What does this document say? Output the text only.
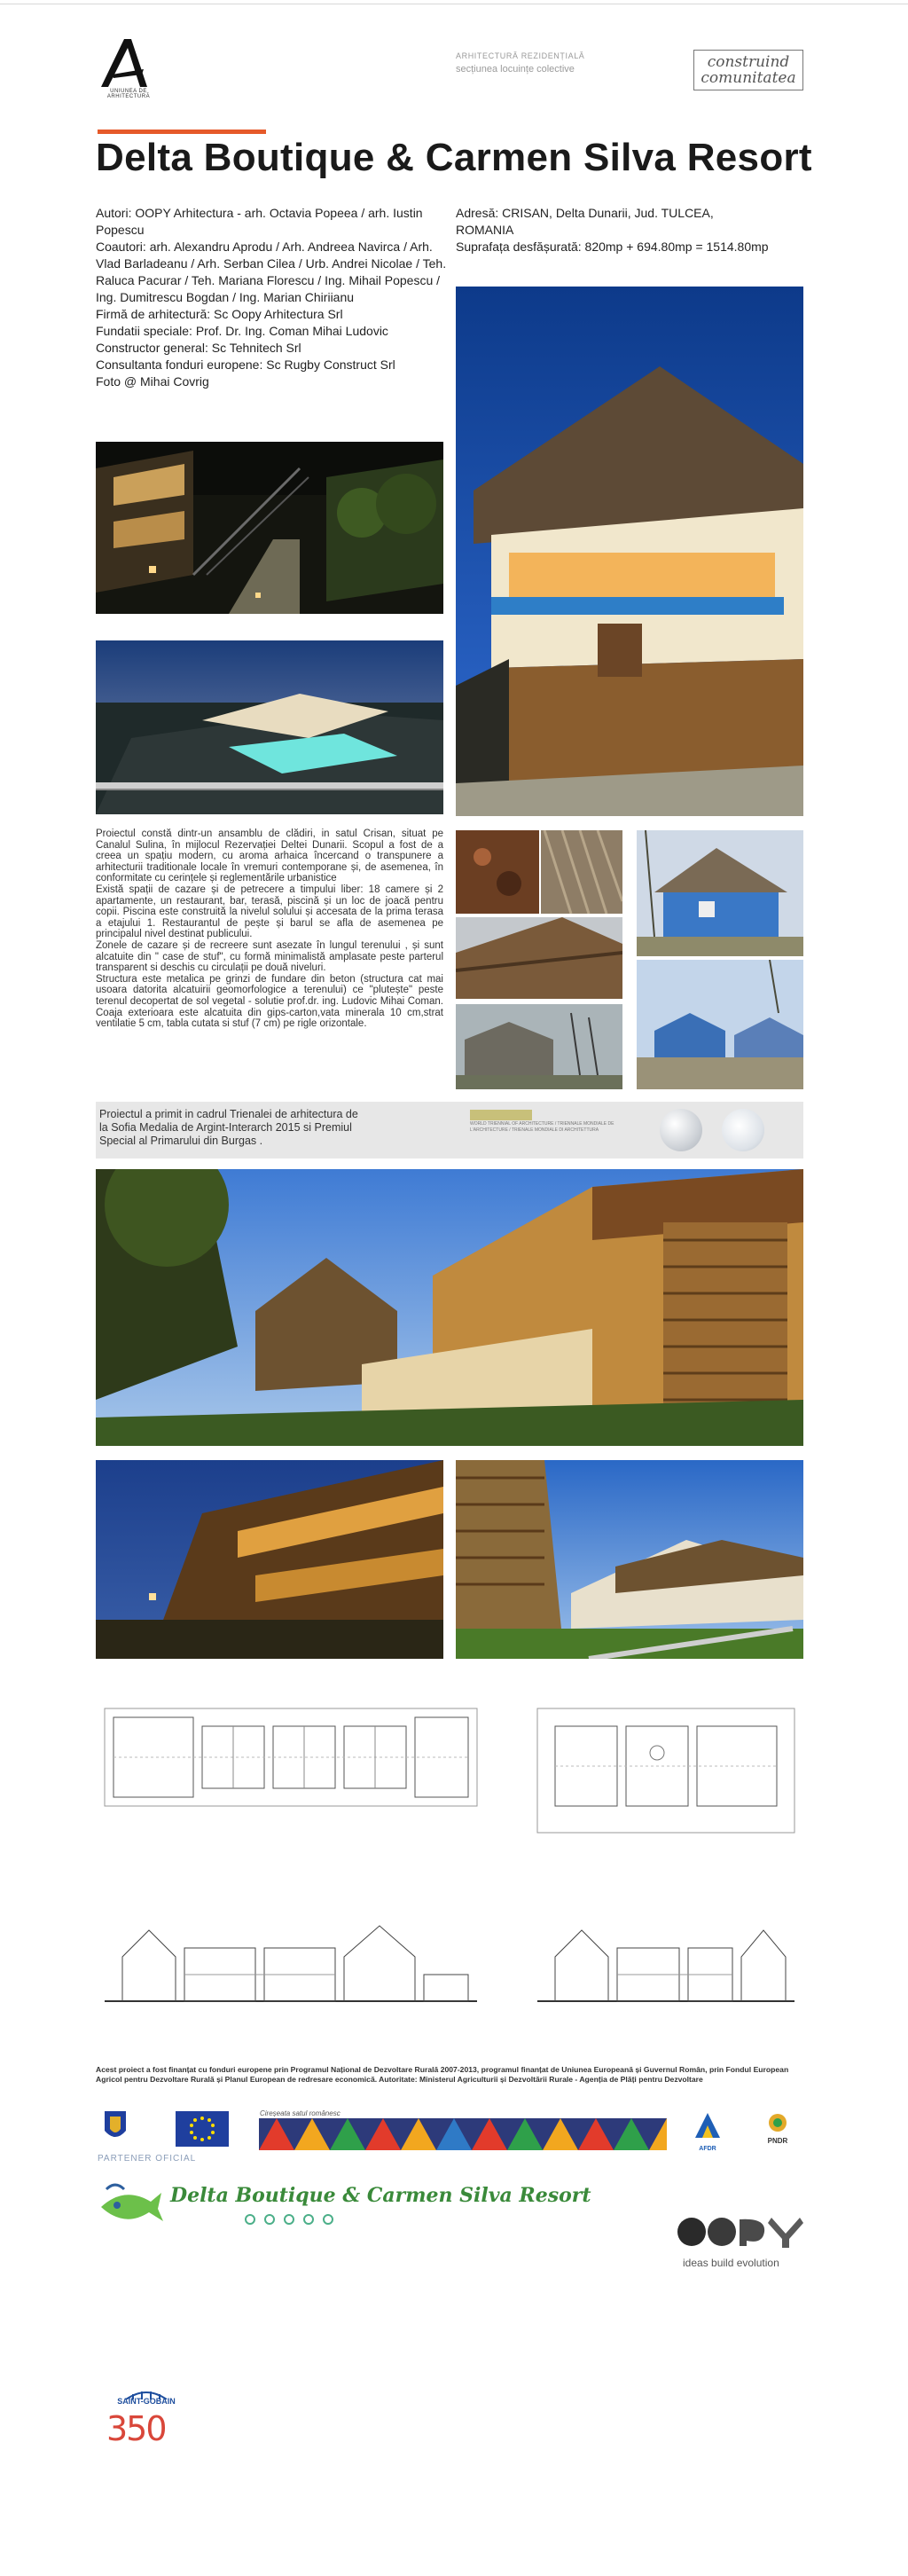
UNIUNEA DE ARHITECTURĂ
ARHITECTURĂ REZIDENȚIALĂ
secțiunea locuințe colective	construind
comunitatea
Delta Boutique & Carmen Silva Resort
Autori: OOPY Arhitectura - arh. Octavia Popeea / arh. Iustin Popescu
Coautori: arh. Alexandru Aprodu / Arh. Andreea Navirca / Arh. Vlad Barladeanu / Arh. Serban Cilea / Urb. Andrei Nicolae / Teh. Raluca Pacurar / Teh. Mariana Florescu / Ing. Mihail Popescu / Ing. Dumitrescu Bogdan / Ing. Marian Chiriianu
Firmă de arhitectură: Sc Oopy Arhitectura Srl
Fundatii speciale: Prof. Dr. Ing. Coman Mihai Ludovic
Constructor general: Sc Tehnitech Srl
Consultanta fonduri europene: Sc Rugby Construct Srl
Foto @ Mihai Covrig
Adresă: CRISAN, Delta Dunarii, Jud. TULCEA,
ROMANIA
Suprafața desfășurată: 820mp + 694.80mp = 1514.80mp

Proiectul constă dintr-un ansamblu de clădiri, in satul Crisan, situat pe Canalul Sulina, în mijlocul Rezervației Deltei Dunarii. Scopul a fost de a creea un spațiu modern, cu aroma arhaica încercand o transpunere a arhitecturii traditionale locale în vremuri contemporane și, de asemenea, în conformitate cu cerințele și reglementările urbanistice

Există spații de cazare și de petrecere a timpului liber: 18 camere și 2 apartamente, un restaurant, bar, terasă, piscină și un loc de joacă pentru copii. Piscina este construită la nivelul solului și accesata de la prima terasa a etajului 1. Restaurantul de pește și barul se afla de asemenea pe principalul nivel destinat publicului.

Zonele de cazare și de recreere sunt asezate în lungul terenului , și sunt alcatuite din " case de stuf", cu formă minimalistă amplasate peste parterul transparent si deschis cu circulații pe două niveluri.

Structura este metalica pe grinzi de fundare din beton (structura cat mai usoara datorita alcatuirii geomorfologice a terenului) ce "plutește" peste terenul decopertat de sol vegetal - solutie prof.dr. ing. Ludovic Mihai Coman. Coaja exterioara este alcatuita din gips-carton,vata minerala 10 cm,strat ventilatie 5 cm, tabla cutata si stuf (7 cm) pe rigle orizontale.

Proiectul a primit in cadrul Trienalei de arhitectura de la Sofia Medalia de Argint-Interarch 2015 si Premiul Special al Primarului din Burgas .
WORLD TRIENNIAL OF ARCHITECTURE / TRIENNALE MONDIALE DE L'ARCHITECTURE / TRIENALE MONDIALE DI ARCHITETTURA
Acest proiect a fost finanțat cu fonduri europene prin Programul Național de Dezvoltare Rurală 2007-2013, programul finanțat de Uniunea Europeană și Guvernul Român, prin Fondul European Agricol pentru Dezvoltare Rurală și Planul European de redresare economică. Autoritate: Ministerul Agriculturii și Dezvoltării Rurale - Agenția de Plăți pentru Dezvoltare
Cireșeata satul românesc
AFDR
PNDR
PARTENER OFICIAL
Delta Boutique & Carmen Silva Resort
ideas build evolution
SAINT-GOBAIN
350
